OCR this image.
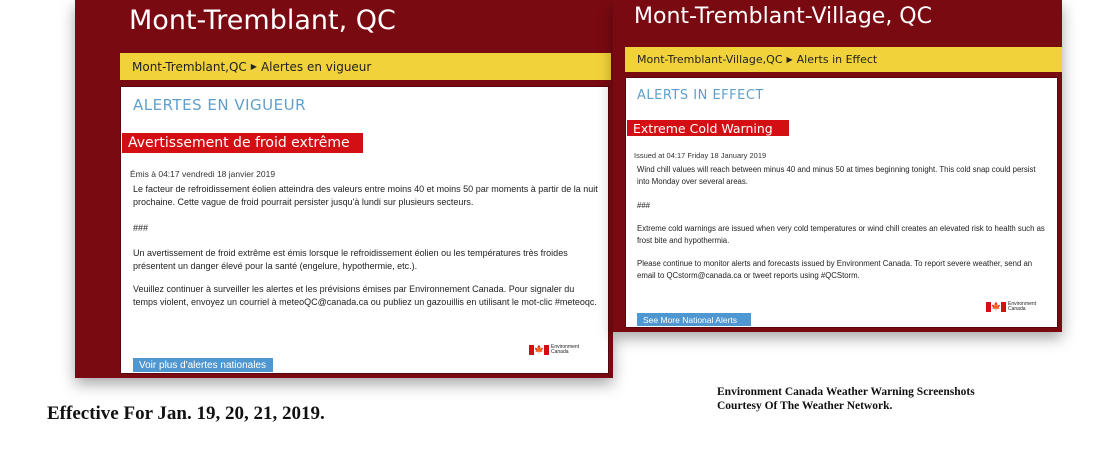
Mont-Tremblant, QC
Mont-Tremblant,QC ▶ Alertes en vigueur
ALERTES EN VIGUEUR
Avertissement de froid extrême
Émis à 04:17 vendredi 18 janvier 2019

Le facteur de refroidissement éolien atteindra des valeurs entre moins 40 et moins 50 par moments à partir de la nuit prochaine. Cette vague de froid pourrait persister jusqu'à lundi sur plusieurs secteurs.

###

Un avertissement de froid extrême est émis lorsque le refroidissement éolien ou les températures très froides présentent un danger élevé pour la santé (engelure, hypothermie, etc.).

Veuillez continuer à surveiller les alertes et les prévisions émises par Environnement Canada. Pour signaler du temps violent, envoyez un courriel à meteoQC@canada.ca ou publiez un gazouillis en utilisant le mot-clic #meteoqc.

🍁 Environment
Canada
Voir plus d'alertes nationales
Mont-Tremblant-Village, QC
Mont-Tremblant-Village,QC ▶ Alerts in Effect
ALERTS IN EFFECT
Extreme Cold Warning
Issued at 04:17 Friday 18 January 2019

Wind chill values will reach between minus 40 and minus 50 at times beginning tonight. This cold snap could persist into Monday over several areas.

###

Extreme cold warnings are issued when very cold temperatures or wind chill creates an elevated risk to health such as frost bite and hypothermia.

Please continue to monitor alerts and forecasts issued by Environment Canada. To report severe weather, send an email to QCstorm@canada.ca or tweet reports using #QCStorm.

🍁 Environment
Canada
See More National Alerts
Effective For Jan. 19, 20, 21, 2019.
Environment Canada Weather Warning Screenshots
Courtesy Of The Weather Network.
